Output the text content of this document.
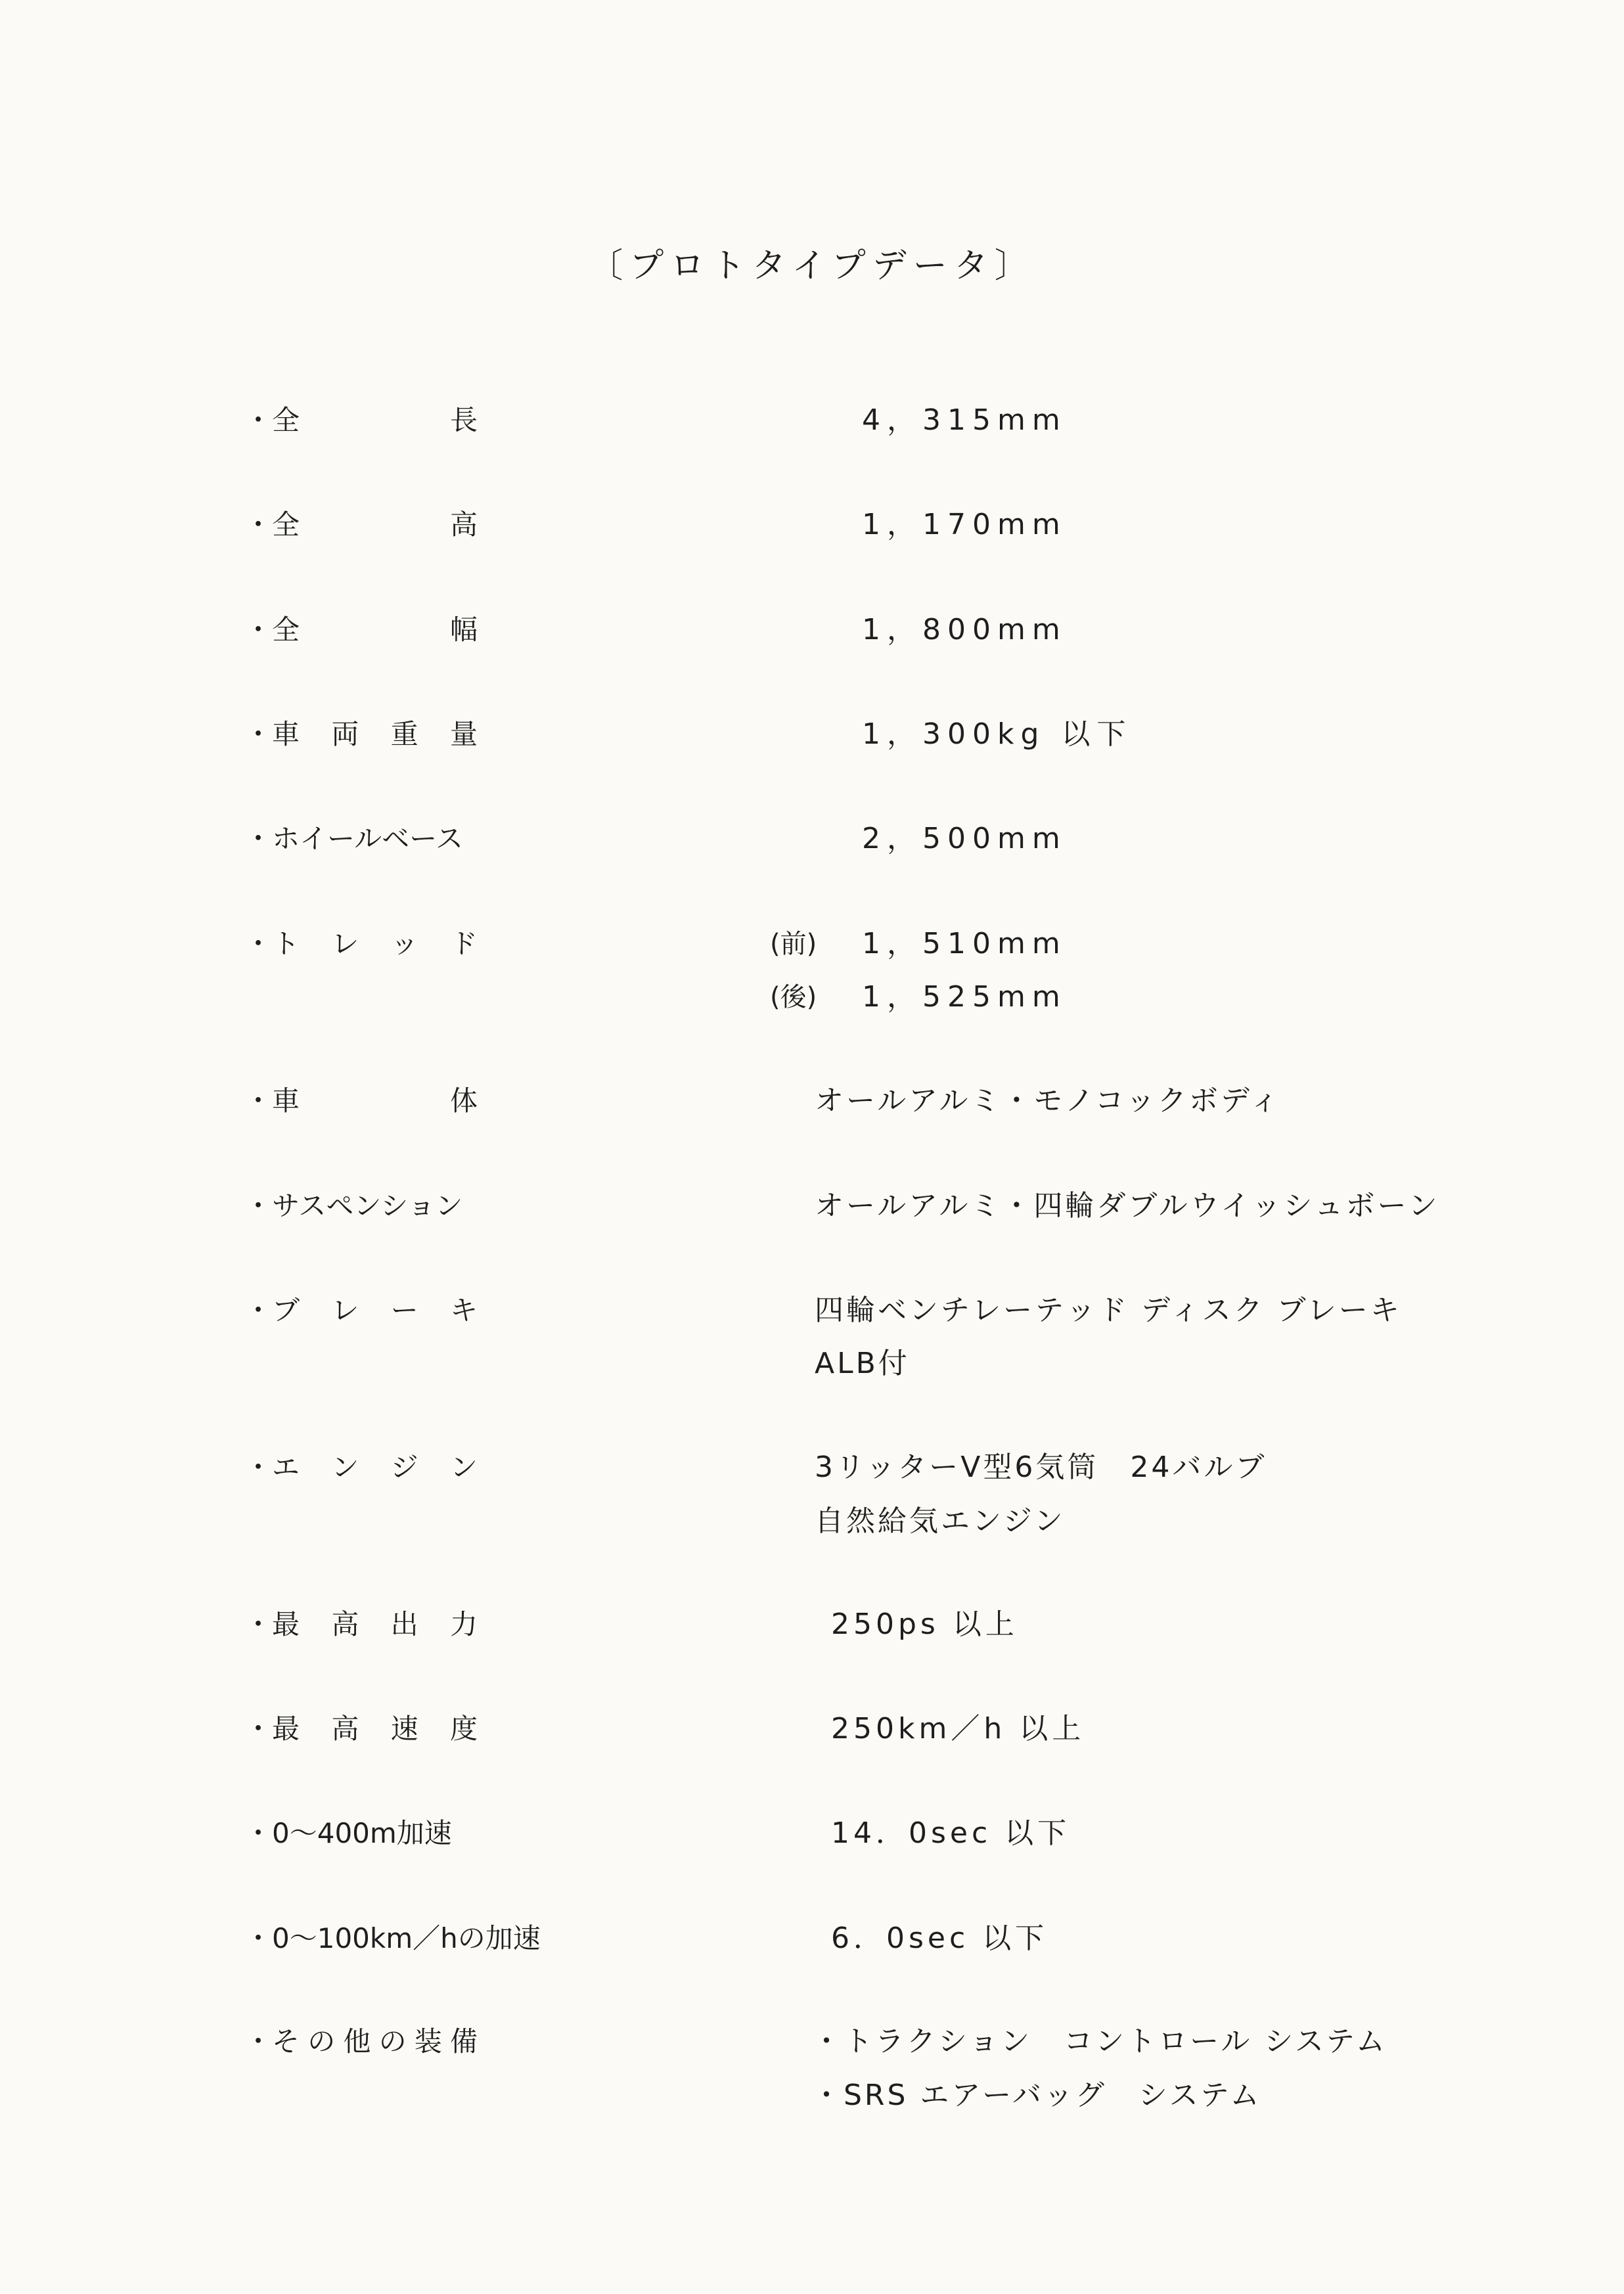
〔プロトタイプデータ〕
・全	長	4，315mm
・全	高	1，170mm
・全	幅	1，800mm
・車 両 重 量	1，300kg 以下
・ホイールベース	2，500mm
・ト レ ッ ド	(前) 1，510mm
(後) 1，525mm
・車	体	オールアルミ・モノコックボディ
・サスペンション	オールアルミ・四輪ダブルウイッシュボーン
・ブ レ ー キ	四輪ベンチレーテッド ディスク ブレーキ
ALB付
・エ ン ジ ン	3リッターV型6気筒　24バルブ
自然給気エンジン
・最 高 出 力	250ps 以上
・最 高 速 度	250km／h 以上
・0～400m加速	14．0sec 以下
・0～100km／hの加速	6．0sec 以下
・そ の 他 の 装 備	・トラクション　コントロール システム
・SRS エアーバッグ　システム
